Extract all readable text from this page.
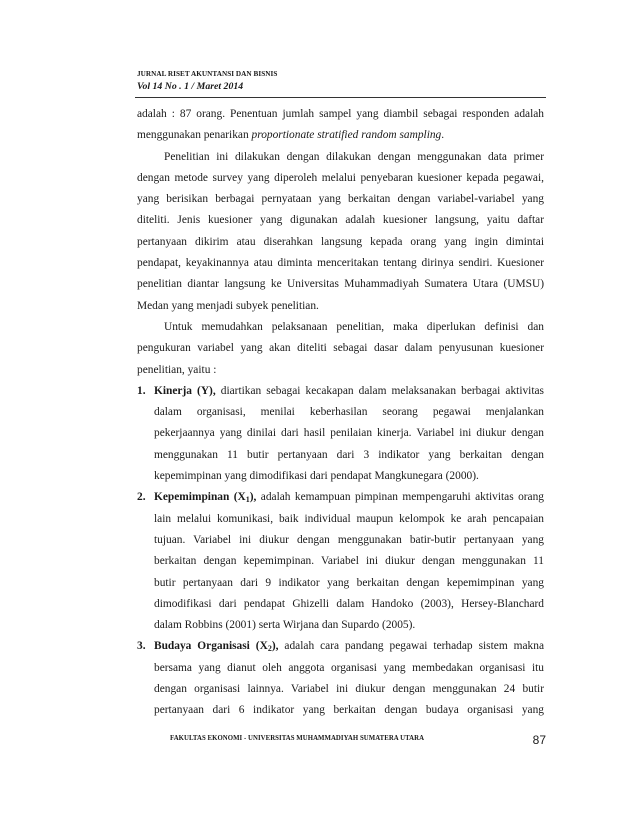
JURNAL RISET AKUNTANSI DAN BISNIS
Vol 14 No . 1 / Maret 2014

adalah : 87 orang. Penentuan jumlah sampel yang diambil sebagai responden adalah

menggunakan penarikan proportionate stratified random sampling.

Penelitian ini dilakukan dengan dilakukan dengan menggunakan data primer

dengan metode survey yang diperoleh melalui penyebaran kuesioner kepada pegawai,

yang berisikan berbagai pernyataan yang berkaitan dengan variabel-variabel yang

diteliti. Jenis kuesioner yang digunakan adalah kuesioner langsung, yaitu daftar

pertanyaan dikirim atau diserahkan langsung kepada orang yang ingin dimintai

pendapat, keyakinannya atau diminta menceritakan tentang dirinya sendiri. Kuesioner

penelitian diantar langsung ke Universitas Muhammadiyah Sumatera Utara (UMSU)

Medan yang menjadi subyek penelitian.

Untuk memudahkan pelaksanaan penelitian, maka diperlukan definisi dan

pengukuran variabel yang akan diteliti sebagai dasar dalam penyusunan kuesioner

penelitian, yaitu :

1. Kinerja (Y), diartikan sebagai kecakapan dalam melaksanakan berbagai aktivitas

dalam organisasi, menilai keberhasilan seorang pegawai menjalankan

pekerjaannya yang dinilai dari hasil penilaian kinerja. Variabel ini diukur dengan

menggunakan 11 butir pertanyaan dari 3 indikator yang berkaitan dengan

kepemimpinan yang dimodifikasi dari pendapat Mangkunegara (2000).

2. Kepemimpinan $(X_1)$, adalah kemampuan pimpinan mempengaruhi aktivitas orang

lain melalui komunikasi, baik individual maupun kelompok ke arah pencapaian

tujuan. Variabel ini diukur dengan menggunakan batir-butir pertanyaan yang

berkaitan dengan kepemimpinan. Variabel ini diukur dengan menggunakan 11

butir pertanyaan dari 9 indikator yang berkaitan dengan kepemimpinan yang

dimodifikasi dari pendapat Ghizelli dalam Handoko (2003), Hersey-Blanchard

dalam Robbins (2001) serta Wirjana dan Supardo (2005).

3. Budaya Organisasi $(X_2)$, adalah cara pandang pegawai terhadap sistem makna

bersama yang dianut oleh anggota organisasi yang membedakan organisasi itu

dengan organisasi lainnya. Variabel ini diukur dengan menggunakan 24 butir

pertanyaan dari 6 indikator yang berkaitan dengan budaya organisasi yang

FAKULTAS EKONOMI - UNIVERSITAS MUHAMMADIYAH SUMATERA UTARA	87
